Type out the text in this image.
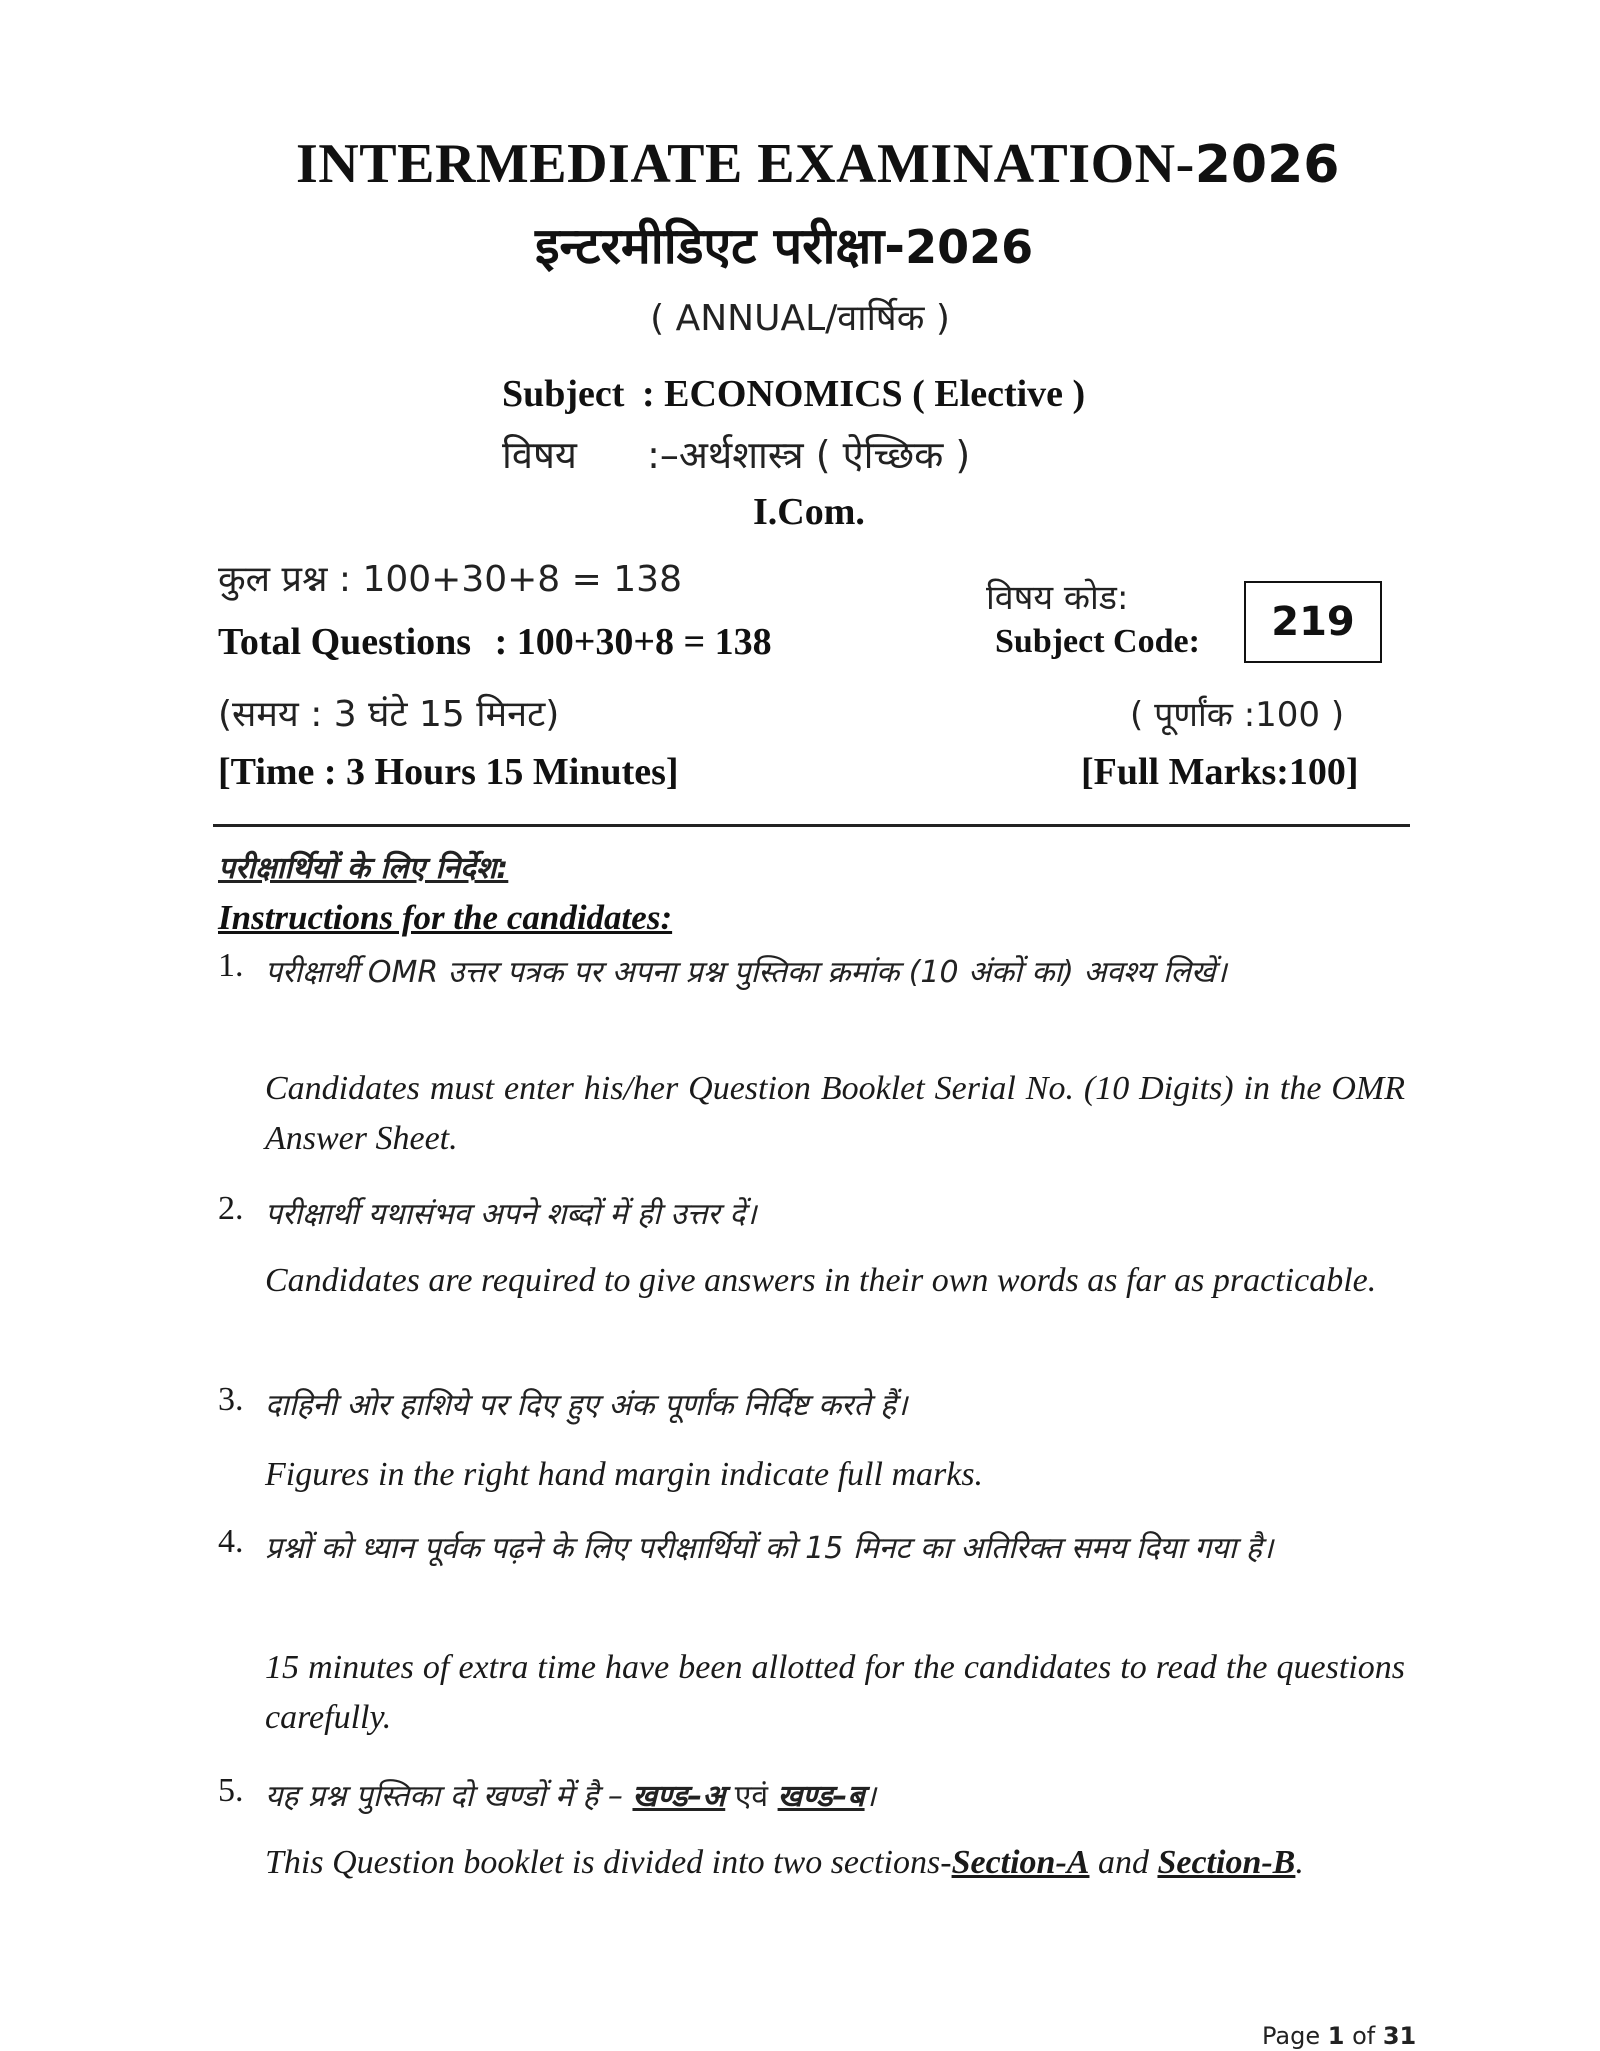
INTERMEDIATE EXAMINATION-2026
इन्टरमीडिएट परीक्षा-2026
( ANNUAL/वार्षिक )
Subject : ECONOMICS ( Elective )
विषय :–अर्थशास्त्र ( ऐच्छिक )
I.Com.
कुल प्रश्न : 100+30+8 = 138
Total Questions : 100+30+8 = 138
विषय कोड:
Subject Code: 219
(समय : 3 घंटे 15 मिनट)	( पूर्णांक :100 )
[Time : 3 Hours 15 Minutes]	[Full Marks:100]
परीक्षार्थियों के लिए निर्देश:
Instructions for the candidates:
1. परीक्षार्थी OMR उत्तर पत्रक पर अपना प्रश्न पुस्तिका क्रमांक (10 अंकों का) अवश्य लिखें।
Candidates must enter his/her Question Booklet Serial No. (10 Digits) in the OMR Answer Sheet.
2. परीक्षार्थी यथासंभव अपने शब्दों में ही उत्तर दें।
Candidates are required to give answers in their own words as far as practicable.
3. दाहिनी ओर हाशिये पर दिए हुए अंक पूर्णांक निर्दिष्ट करते हैं।
Figures in the right hand margin indicate full marks.
4. प्रश्नों को ध्यान पूर्वक पढ़ने के लिए परीक्षार्थियों को 15 मिनट का अतिरिक्त समय दिया गया है।
15 minutes of extra time have been allotted for the candidates to read the questions carefully.
5. यह प्रश्न पुस्तिका दो खण्डों में है – खण्ड–अ एवं खण्ड–ब।
This Question booklet is divided into two sections-Section-A and Section-B.
Page 1 of 31
